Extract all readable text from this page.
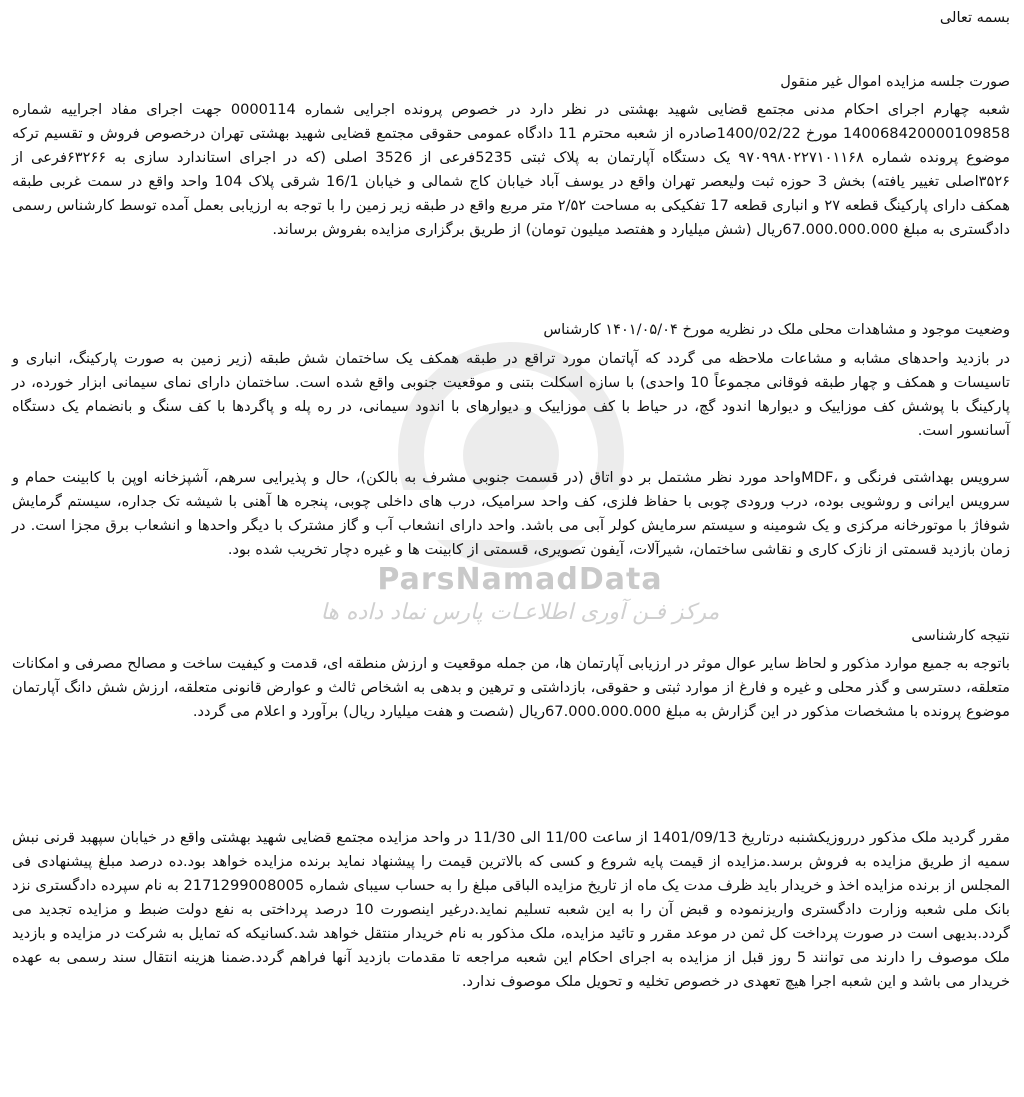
ParsNamadData
مرکز فـن آوری اطلاعـات پارس نماد داده ها
بسمه تعالی
صورت جلسه مزایده اموال غیر منقول
شعبه چهارم اجرای احکام مدنی مجتمع قضایی شهید بهشتی در نظر دارد در خصوص پرونده اجرایی شماره 0000114 جهت اجرای مفاد اجراییه شماره 140068420000109858 مورخ 1400/02/22صادره از شعبه محترم 11 دادگاه عمومی حقوقی مجتمع قضایی شهید بهشتی تهران درخصوص فروش و تقسیم ترکه موضوع پرونده شماره ۹۷۰۹۹۸۰۲۲۷۱۰۱۱۶۸ یک دستگاه آپارتمان به پلاک ثبتی 5235فرعی از 3526 اصلی (که در اجرای استاندارد سازی به ۶۳۲۶۶فرعی از ۳۵۲۶اصلی تغییر یافته) بخش 3 حوزه ثبت ولیعصر تهران واقع در یوسف آباد خیابان کاج شمالی و خیابان 16/1 شرقی پلاک 104 واحد واقع در سمت غربی طبقه همکف دارای پارکینگ قطعه ۲۷ و انباری قطعه 17 تفکیکی به مساحت ۲/۵۲ متر مربع واقع در طبقه زیر زمین را با توجه به ارزیابی بعمل آمده توسط کارشناس رسمی دادگستری به مبلغ 67.000.000.000ریال (شش میلیارد و هفتصد میلیون تومان) از طریق برگزاری مزایده بفروش برساند.
وضعیت موجود و مشاهدات محلی ملک در نظریه مورخ ۱۴۰۱/۰۵/۰۴ کارشناس
در بازدید واحدهای مشابه و مشاعات ملاحظه می گردد که آپاتمان مورد تراقع در طبقه همکف یک ساختمان شش طبقه (زیر زمین به صورت پارکینگ، انباری و تاسیسات و همکف و چهار طبقه فوقانی مجموعاً 10 واحدی) با سازه اسکلت بتنی و موقعیت جنوبی واقع شده است. ساختمان دارای نمای سیمانی ابزار خورده، در پارکینگ با پوشش کف موزاییک و دیوارها اندود گچ، در حیاط با کف موزاییک و دیوارهای با اندود سیمانی، در ره پله و پاگردها با کف سنگ و بانضمام یک دستگاه آسانسور است.
سرویس بهداشتی فرنگی و ،MDFواحد مورد نظر مشتمل بر دو اتاق (در قسمت جنوبی مشرف به بالکن)، حال و پذیرایی سرهم، آشپزخانه اوپن با کابینت حمام و سرویس ایرانی و روشویی بوده، درب ورودی چوبی با حفاظ فلزی، کف واحد سرامیک، درب های داخلی چوبی، پنجره ها آهنی با شیشه تک جداره، سیستم گرمایش شوفاژ با موتورخانه مرکزی و یک شومینه و سیستم سرمایش کولر آبی می باشد. واحد دارای انشعاب آب و گاز مشترک با دیگر واحدها و انشعاب برق مجزا است. در زمان بازدید قسمتی از نازک کاری و نقاشی ساختمان، شیرآلات، آیفون تصویری، قسمتی از کابینت ها و غیره دچار تخریب شده بود.
نتیجه کارشناسی
باتوجه به جمیع موارد مذکور و لحاظ سایر عوال موثر در ارزیابی آپارتمان ها، من جمله موقعیت و ارزش منطقه ای، قدمت و کیفیت ساخت و مصالح مصرفی و امکانات متعلقه، دسترسی و گذر محلی و غیره و فارغ از موارد ثبتی و حقوقی، بازداشتی و ترهین و بدهی به اشخاص ثالث و عوارض قانونی متعلقه، ارزش شش دانگ آپارتمان موضوع پرونده با مشخصات مذکور در این گزارش به مبلغ 67.000.000.000ریال (شصت و هفت میلیارد ریال) برآورد و اعلام می گردد.
مقرر گردید ملک مذکور درروزیکشنبه درتاریخ 1401/09/13 از ساعت 11/00 الی 11/30 در واحد مزایده مجتمع قضایی شهید بهشتی واقع در خیابان سپهبد قرنی نبش سمیه از طریق مزایده به فروش برسد.مزایده از قیمت پایه شروع و کسی که بالاترین قیمت را پیشنهاد نماید برنده مزایده خواهد بود.ده درصد مبلغ پیشنهادی فی المجلس از برنده مزایده اخذ و خریدار باید ظرف مدت یک ماه از تاریخ مزایده الباقی مبلغ را به حساب سیبای شماره 2171299008005 به نام سپرده دادگستری نزد بانک ملی شعبه وزارت دادگستری واریزنموده و قبض آن را به این شعبه تسلیم نماید.درغیر اینصورت 10 درصد پرداختی به نفع دولت ضبط و مزایده تجدید می گردد.بدیهی است در صورت پرداخت کل ثمن در موعد مقرر و تائید مزایده، ملک مذکور به نام خریدار منتقل خواهد شد.کسانیکه که تمایل به شرکت در مزایده و بازدید ملک موصوف را دارند می توانند 5 روز قبل از مزایده به اجرای احکام این شعبه مراجعه تا مقدمات بازدید آنها فراهم گردد.ضمنا هزینه انتقال سند رسمی به عهده خریدار می باشد و این شعبه اجرا هیچ تعهدی در خصوص تخلیه و تحویل ملک موصوف ندارد.
